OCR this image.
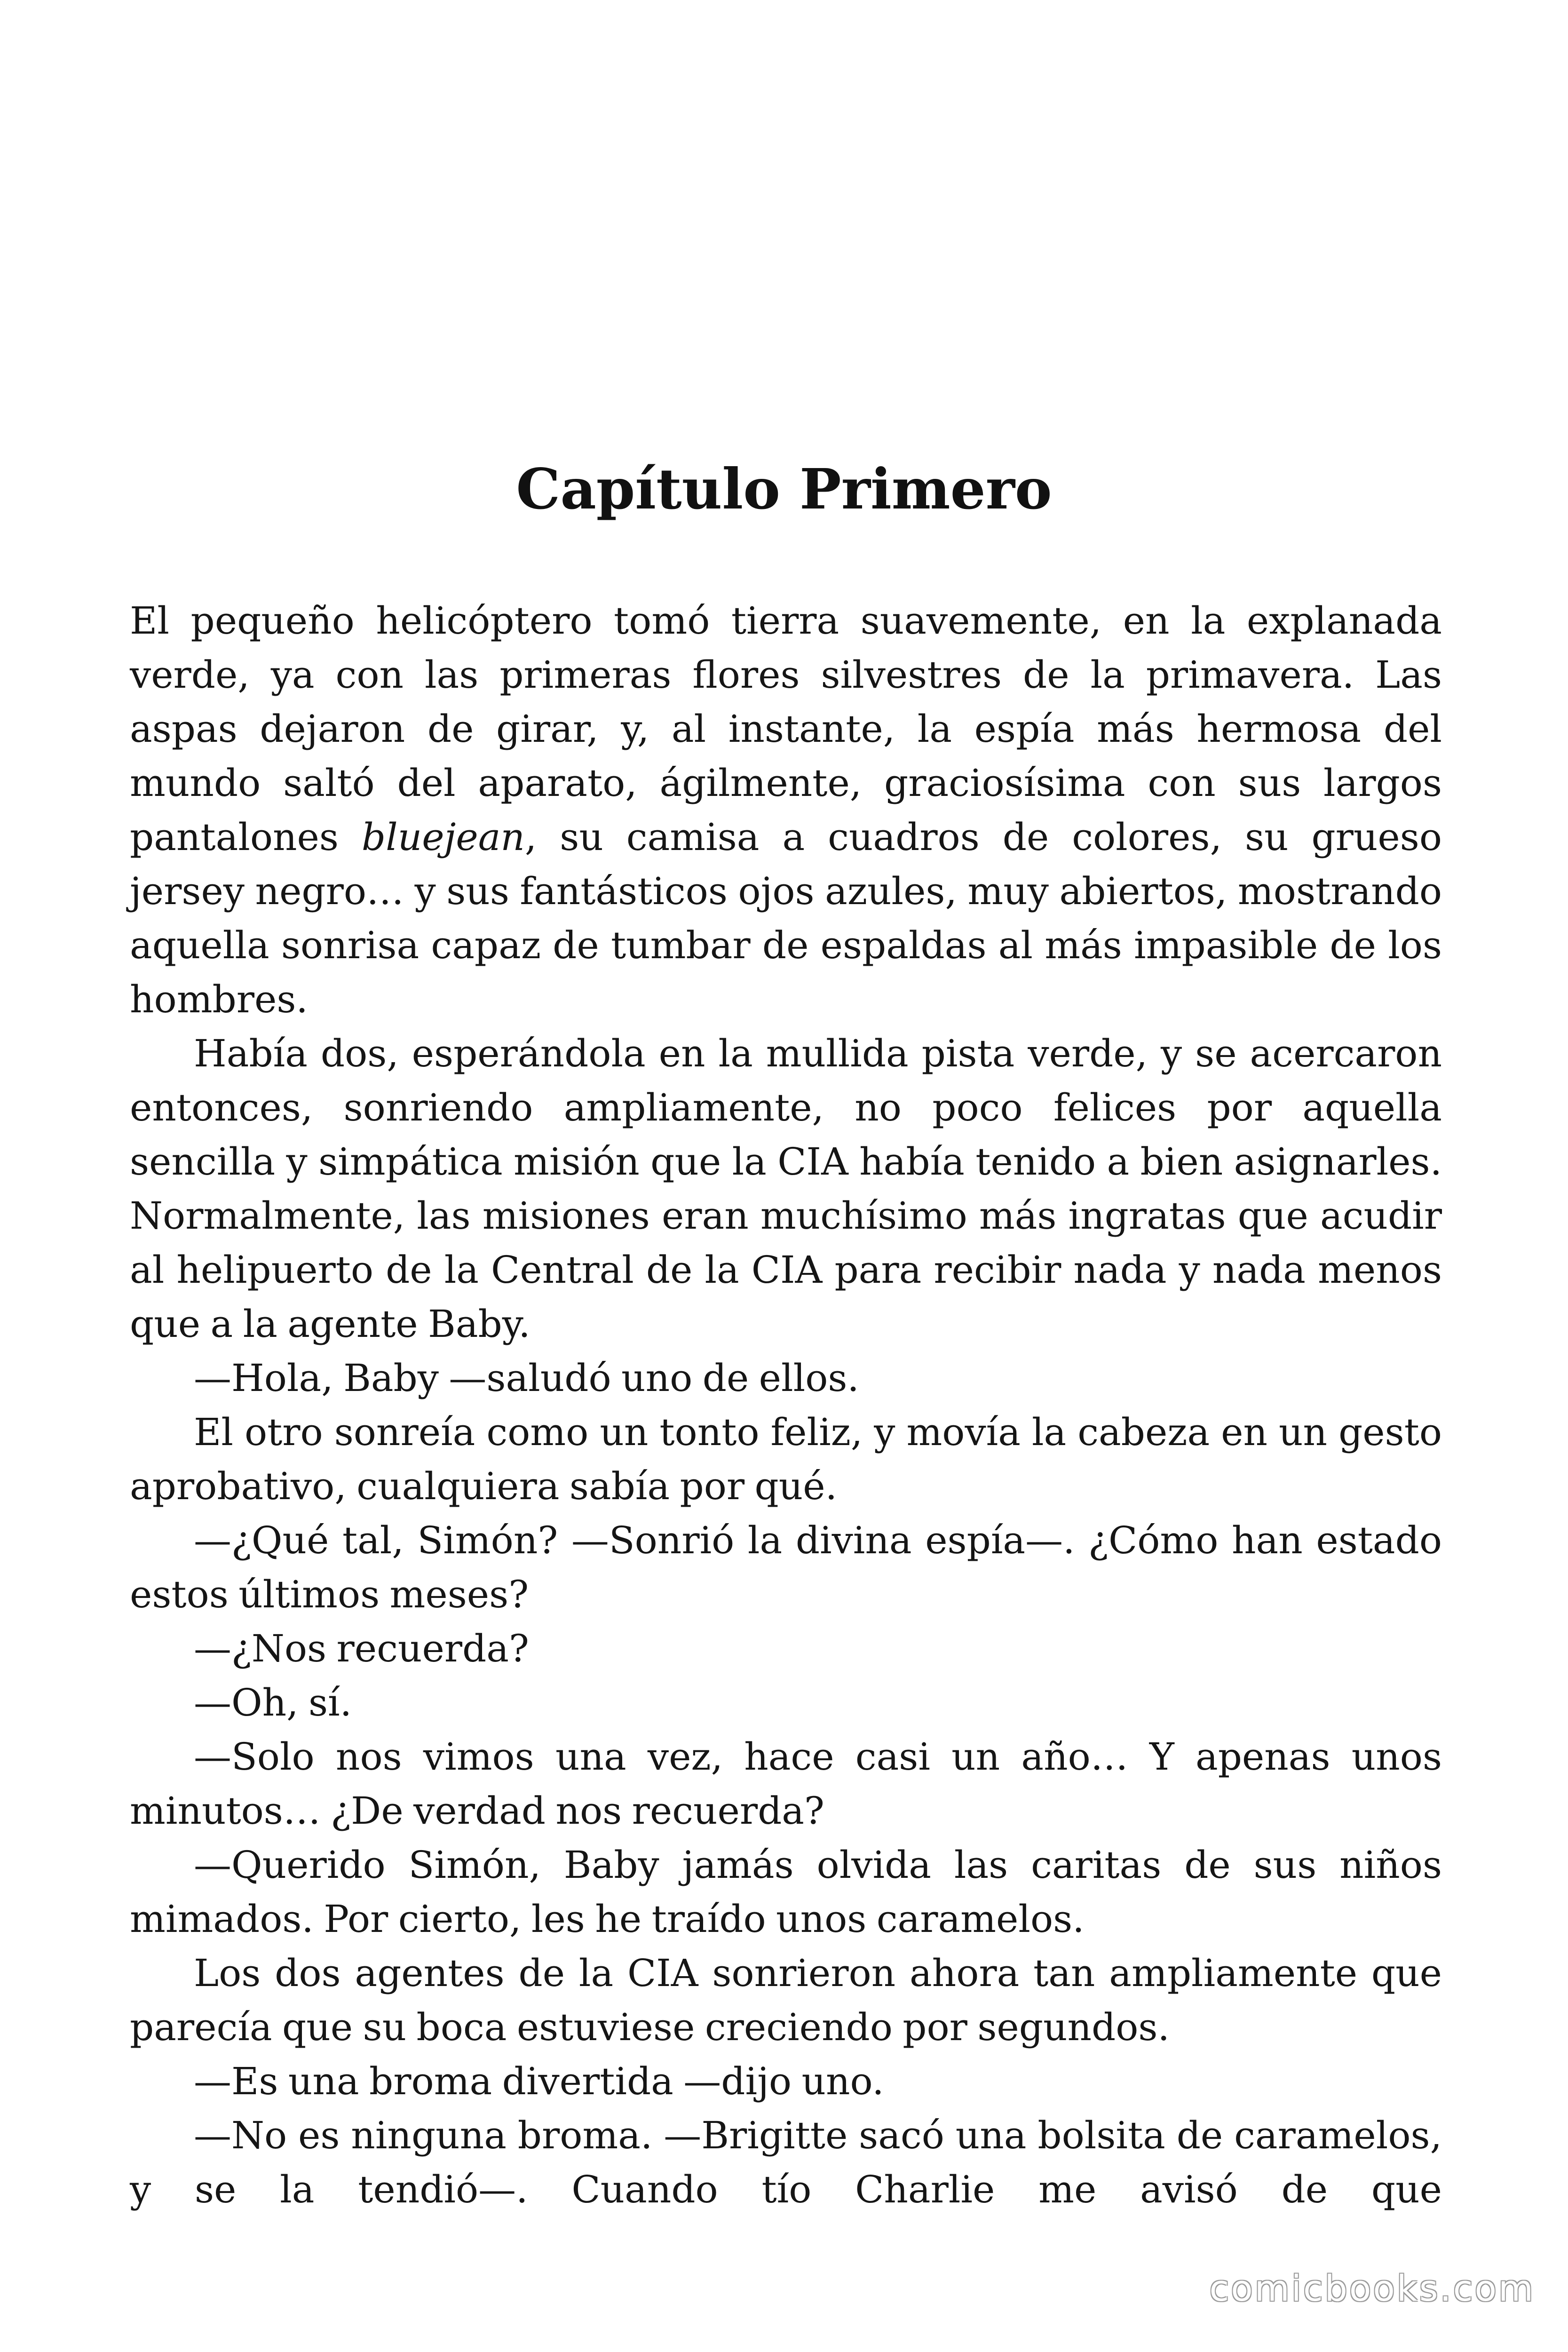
Capítulo Primero

El pequeño helicóptero tomó tierra suavemente, en la explanada verde, ya con las primeras flores silvestres de la primavera. Las aspas dejaron de girar, y, al instante, la espía más hermosa del mundo saltó del aparato, ágilmente, graciosísima con sus largos pantalones bluejean, su camisa a cuadros de colores, su grueso jersey negro… y sus fantásticos ojos azules, muy abiertos, mostrando aquella sonrisa capaz de tumbar de espaldas al más impasible de los hombres.

Había dos, esperándola en la mullida pista verde, y se acercaron entonces, sonriendo ampliamente, no poco felices por aquella sencilla y simpática misión que la CIA había tenido a bien asignarles. Normalmente, las misiones eran muchísimo más ingratas que acudir al helipuerto de la Central de la CIA para recibir nada y nada menos que a la agente Baby.

—Hola, Baby —saludó uno de ellos.

El otro sonreía como un tonto feliz, y movía la cabeza en un gesto aprobativo, cualquiera sabía por qué.

—¿Qué tal, Simón? —Sonrió la divina espía—. ¿Cómo han estado estos últimos meses?

—¿Nos recuerda?

—Oh, sí.

—Solo nos vimos una vez, hace casi un año… Y apenas unos minutos… ¿De verdad nos recuerda?

—Querido Simón, Baby jamás olvida las caritas de sus niños mimados. Por cierto, les he traído unos caramelos.

Los dos agentes de la CIA sonrieron ahora tan ampliamente que parecía que su boca estuviese creciendo por segundos.

—Es una broma divertida —dijo uno.

—No es ninguna broma. —Brigitte sacó una bolsita de caramelos, y se la tendió—. Cuando tío Charlie me avisó de que

comicbooks.com
